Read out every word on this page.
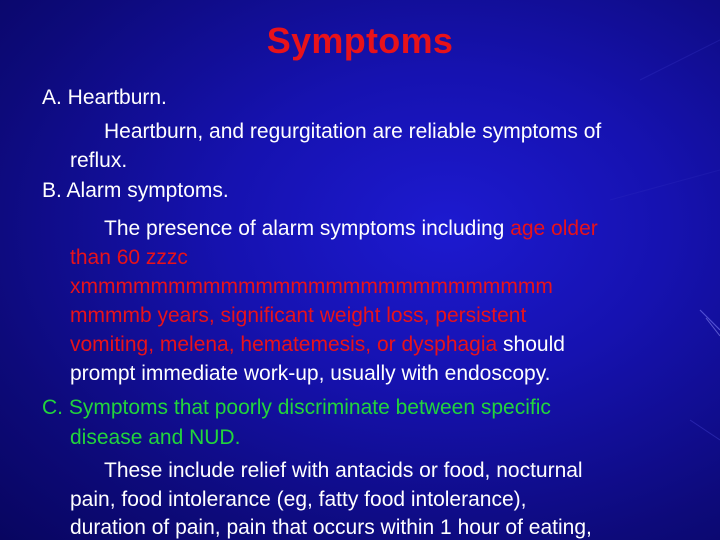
Symptoms
A. Heartburn.
Heartburn, and regurgitation are reliable symptoms of
reflux.
B. Alarm symptoms.
The presence of alarm symptoms including age older
than 60 zzzc
xmmmmmmmmmmmmmmmmmmmmmmmmmmm
mmmmb years, significant weight loss, persistent
vomiting, melena, hematemesis, or dysphagia should
prompt immediate work-up, usually with endoscopy.
C. Symptoms that poorly discriminate between specific
disease and NUD.
These include relief with antacids or food, nocturnal
pain, food intolerance (eg, fatty food intolerance),
duration of pain, pain that occurs within 1 hour of eating,
